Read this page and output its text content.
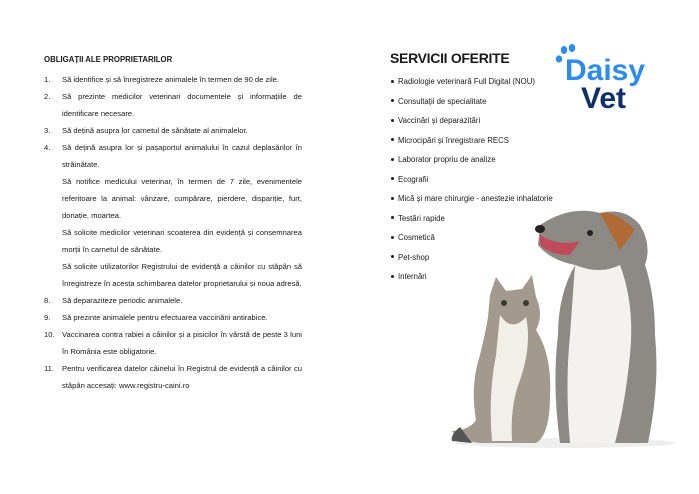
OBLIGAȚII ALE PROPRIETARILOR
1. Să identifice și să înregistreze animalele în termen de 90 de zile.
2. Să prezinte medicilor veterinari documentele și informațiile de identificare necesare.
3. Să dețină asupra lor carnetul de sănătate al animalelor.
4. Să dețină asupra lor și pașaportul animalului în cazul deplasărilor în străinătate.
Să notifice medicului veterinar, în termen de 7 zile, evenimentele referitoare la animal: vânzare, cumpărare, pierdere, dispariție, furt, donație, moartea.
Să solicite medicilor veterinari scoaterea din evidență și consemnarea morții în carnetul de sănătate.
Să solicite utilizatorilor Registrului de evidență a câinilor cu stăpân să înregistreze în acesta schimbarea datelor proprietarului și noua adresă.
8. Să deparaziteze periodic animalele.
9. Să prezinte animalele pentru efectuarea vaccinării antirabice.
10. Vaccinarea contra rabiei a câinilor și a pisicilor în vârstă de peste 3 luni în România este obligatorie.
11. Pentru verificarea datelor câinelui în Registrul de evidență a câinilor cu stăpân accesați: www.registru-caini.ro
SERVICII OFERITE
Radiologie veterinară Full Digital (NOU)
Consultații de specialitate
Vaccinări și deparazitări
Microcipări și înregistrare RECS
Laborator propriu de analize
Ecografii
Mică și mare chirurgie - anestezie inhalatorie
Testări rapide
Cosmetică
Pet-shop
Internări
Daisy
Vet
